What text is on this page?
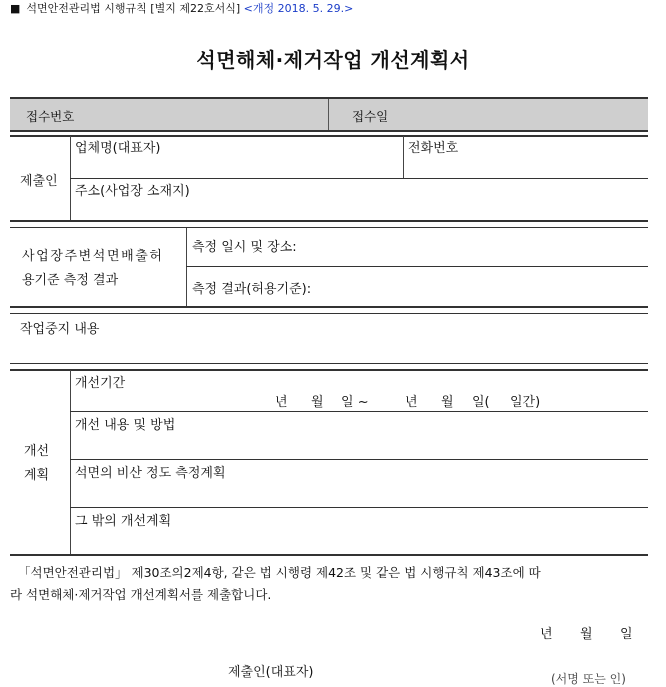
■ 석면안전관리법 시행규칙 [별지 제22호서식] <개정 2018. 5. 29.>
석면해체·제거작업 개선계획서
접수번호	접수일
제출인
업체명(대표자)	전화번호
주소(사업장 소재지)
사업장주변석면배출허
용기준 측정 결과
측정 일시 및 장소:
측정 결과(허용기준):
작업중지 내용
개선
계획
개선기간
년 월 일 ~	년 월 일( 일간)
개선 내용 및 방법
석면의 비산 정도 측정계획
그 밖의 개선계획
「석면안전관리법」 제30조의2제4항, 같은 법 시행령 제42조 및 같은 법 시행규칙 제43조에 따
라 석면해체·제거작업 개선계획서를 제출합니다.
년 월 일
제출인(대표자)	(서명 또는 인)
